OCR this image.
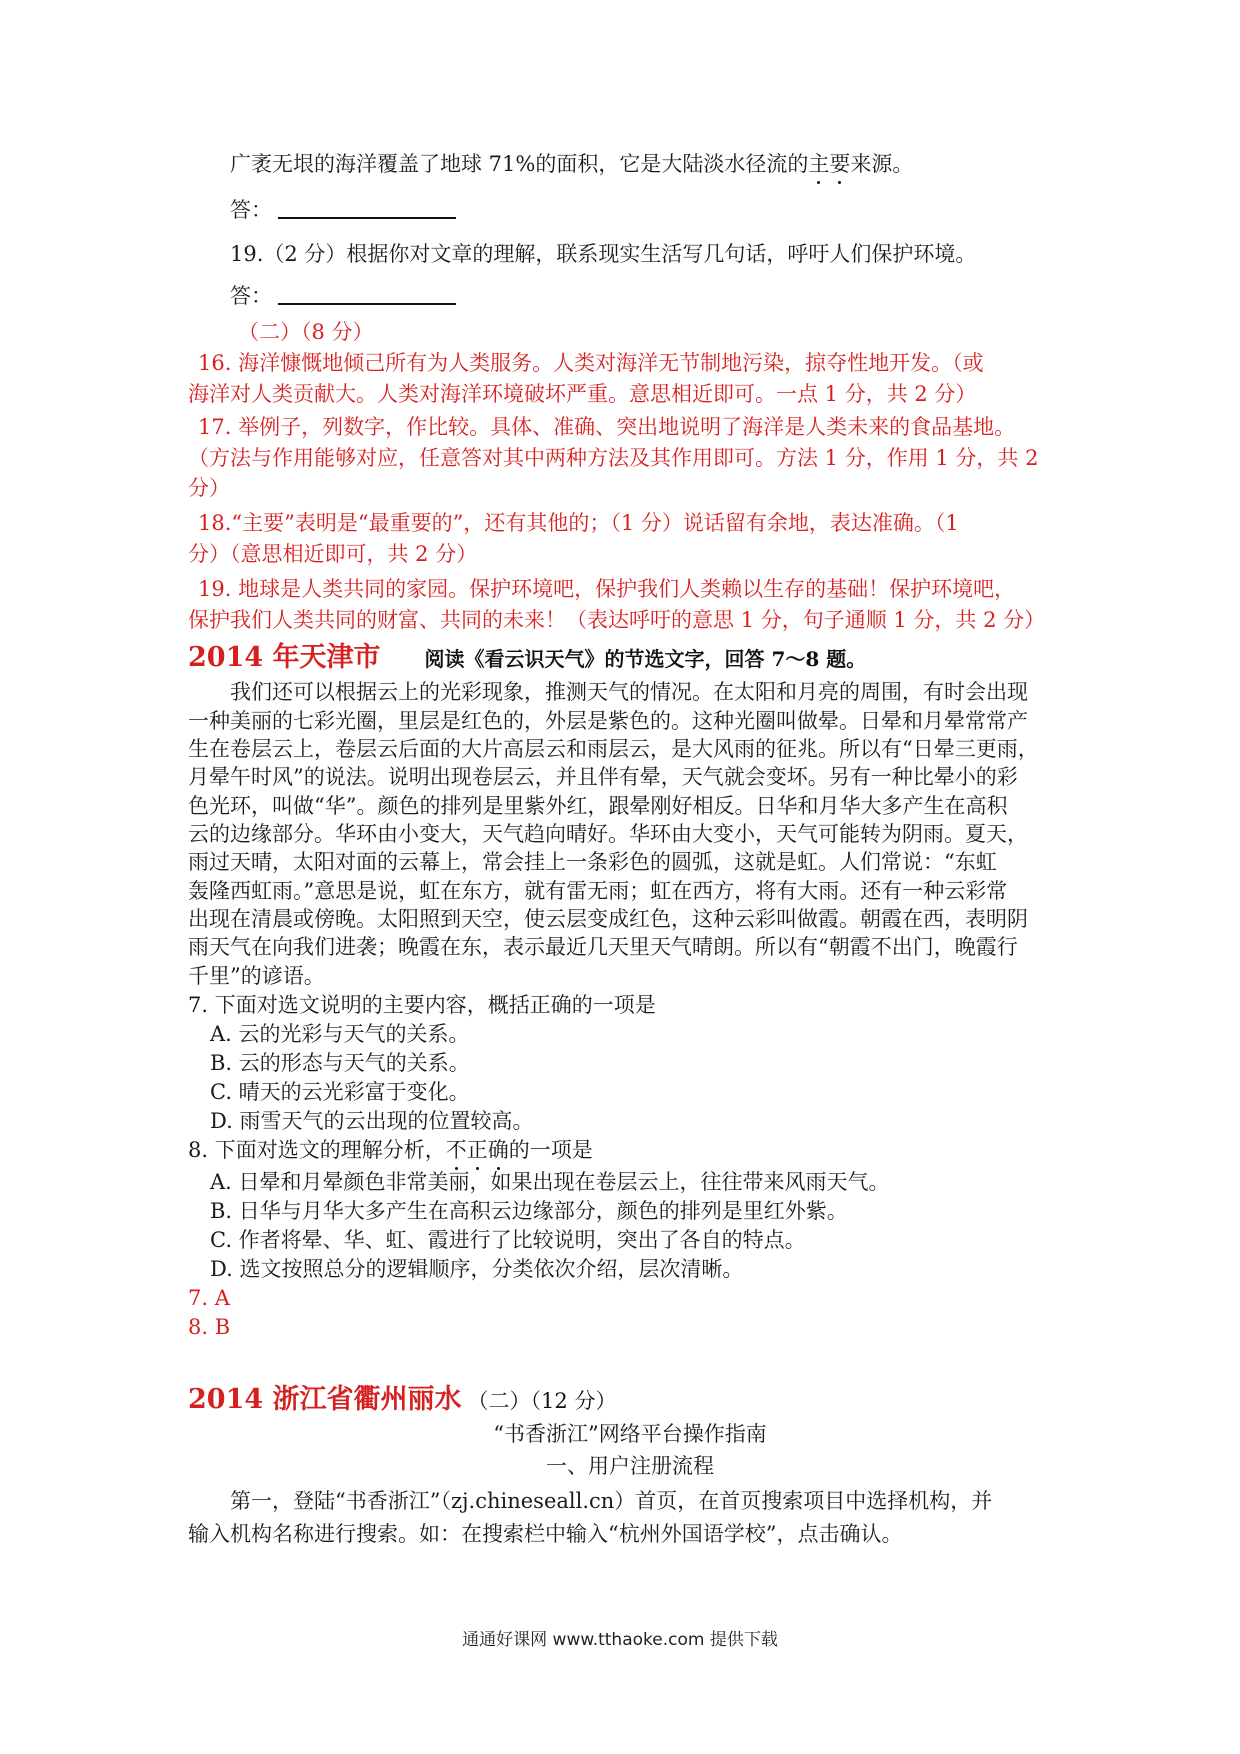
广袤无垠的海洋覆盖了地球 71%的面积，它是大陆淡水径流的主要来源。
答：
19.（2 分）根据你对文章的理解，联系现实生活写几句话，呼吁人们保护环境。
答：
（二）（8 分）
16. 海洋慷慨地倾己所有为人类服务。人类对海洋无节制地污染，掠夺性地开发。（或
海洋对人类贡献大。人类对海洋环境破坏严重。意思相近即可。一点 1 分，共 2 分）
17. 举例子，列数字，作比较。具体、准确、突出地说明了海洋是人类未来的食品基地。
（方法与作用能够对应，任意答对其中两种方法及其作用即可。方法 1 分，作用 1 分，共 2
分）
18.“主要”表明是“最重要的”，还有其他的；（1 分）说话留有余地，表达准确。（1
分）（意思相近即可，共 2 分）
19. 地球是人类共同的家园。保护环境吧，保护我们人类赖以生存的基础！保护环境吧，
保护我们人类共同的财富、共同的未来！（表达呼吁的意思 1 分，句子通顺 1 分，共 2 分）
2014 年天津市 阅读《看云识天气》的节选文字，回答 7～8 题。
我们还可以根据云上的光彩现象，推测天气的情况。在太阳和月亮的周围，有时会出现
一种美丽的七彩光圈，里层是红色的，外层是紫色的。这种光圈叫做晕。日晕和月晕常常产
生在卷层云上，卷层云后面的大片高层云和雨层云，是大风雨的征兆。所以有“日晕三更雨，
月晕午时风”的说法。说明出现卷层云，并且伴有晕，天气就会变坏。另有一种比晕小的彩
色光环，叫做“华”。颜色的排列是里紫外红，跟晕刚好相反。日华和月华大多产生在高积
云的边缘部分。华环由小变大，天气趋向晴好。华环由大变小，天气可能转为阴雨。夏天，
雨过天晴，太阳对面的云幕上，常会挂上一条彩色的圆弧，这就是虹。人们常说：“东虹
轰隆西虹雨。”意思是说，虹在东方，就有雷无雨；虹在西方，将有大雨。还有一种云彩常
出现在清晨或傍晚。太阳照到天空，使云层变成红色，这种云彩叫做霞。朝霞在西，表明阴
雨天气在向我们进袭；晚霞在东，表示最近几天里天气晴朗。所以有“朝霞不出门，晚霞行
千里”的谚语。
7. 下面对选文说明的主要内容，概括正确的一项是
A. 云的光彩与天气的关系。
B. 云的形态与天气的关系。
C. 晴天的云光彩富于变化。
D. 雨雪天气的云出现的位置较高。
8. 下面对选文的理解分析，不正确的一项是
A. 日晕和月晕颜色非常美丽，如果出现在卷层云上，往往带来风雨天气。
B. 日华与月华大多产生在高积云边缘部分，颜色的排列是里红外紫。
C. 作者将晕、华、虹、霞进行了比较说明，突出了各自的特点。
D. 选文按照总分的逻辑顺序，分类依次介绍，层次清晰。
7. A
8. B
2014 浙江省衢州丽水 （二）（12 分）
“书香浙江”网络平台操作指南
一、用户注册流程
第一，登陆“书香浙江”（zj.chineseall.cn）首页，在首页搜索项目中选择机构，并
输入机构名称进行搜索。如：在搜索栏中输入“杭州外国语学校”，点击确认。
通通好课网 www.tthaoke.com 提供下载
